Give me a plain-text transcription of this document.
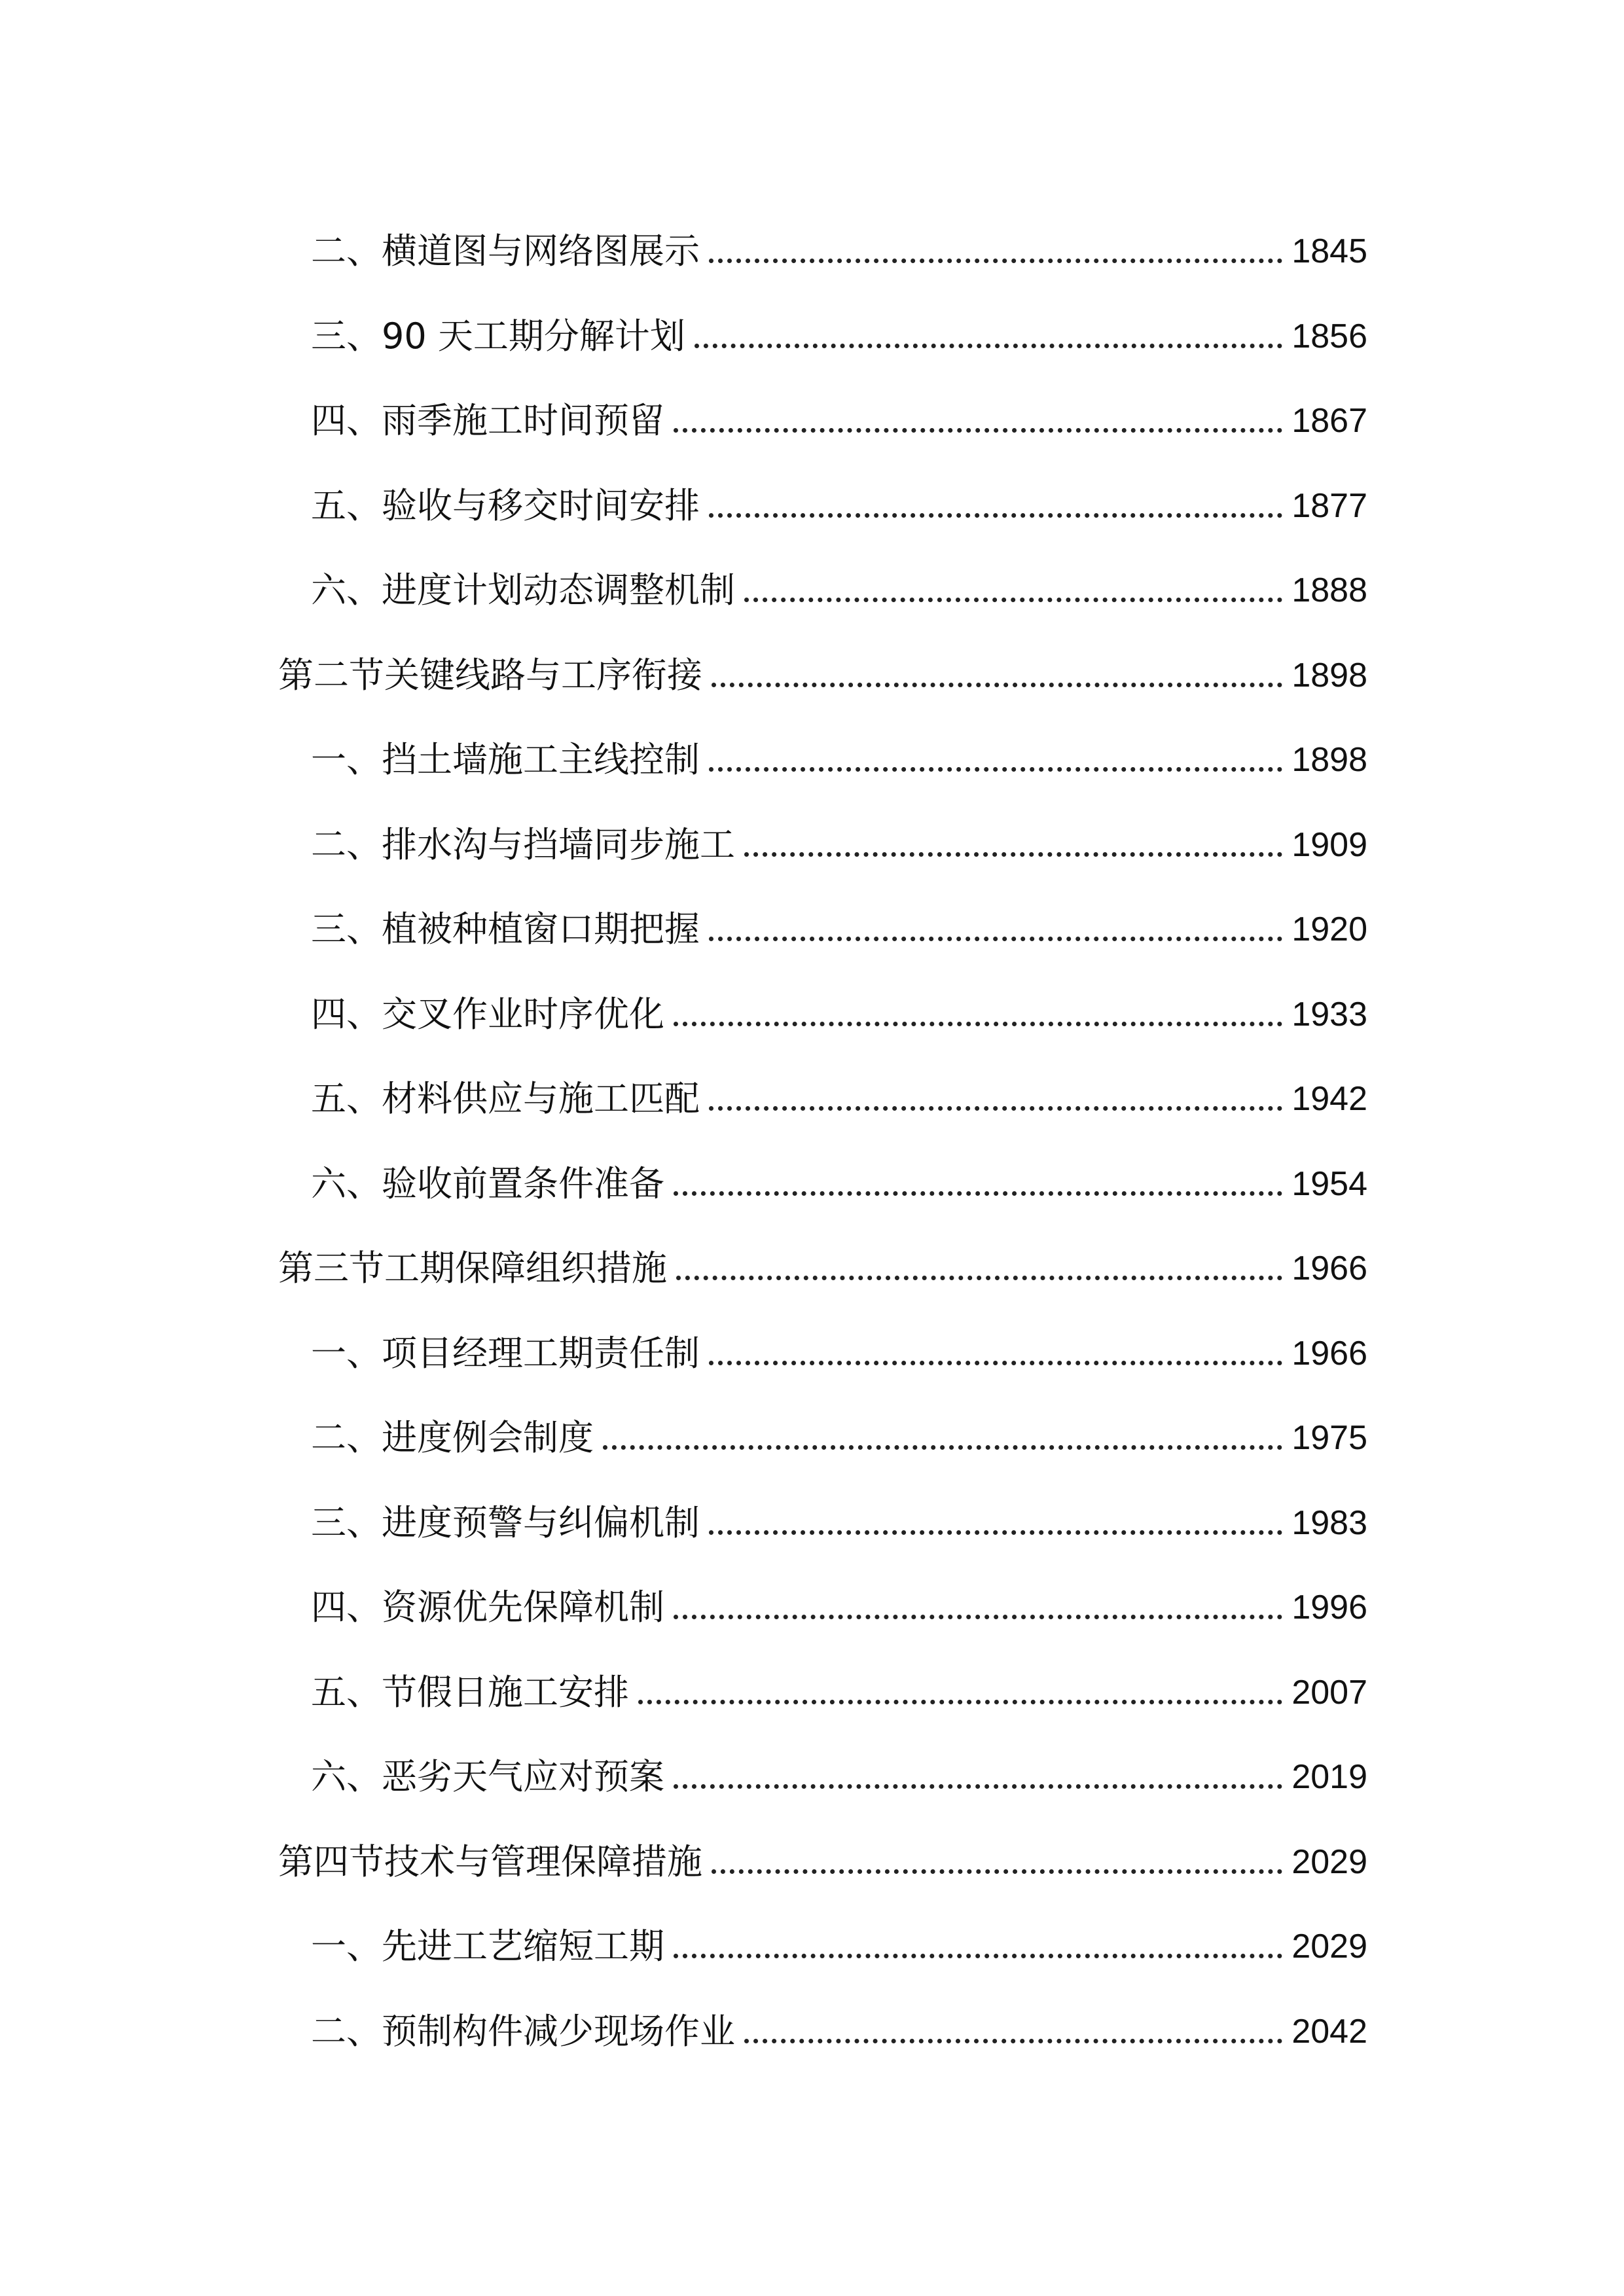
二、横道图与网络图展示	1845
三、90 天工期分解计划	1856
四、雨季施工时间预留	1867
五、验收与移交时间安排	1877
六、进度计划动态调整机制	1888
第二节关键线路与工序衔接	1898
一、挡土墙施工主线控制	1898
二、排水沟与挡墙同步施工	1909
三、植被种植窗口期把握	1920
四、交叉作业时序优化	1933
五、材料供应与施工匹配	1942
六、验收前置条件准备	1954
第三节工期保障组织措施	1966
一、项目经理工期责任制	1966
二、进度例会制度	1975
三、进度预警与纠偏机制	1983
四、资源优先保障机制	1996
五、节假日施工安排	2007
六、恶劣天气应对预案	2019
第四节技术与管理保障措施	2029
一、先进工艺缩短工期	2029
二、预制构件减少现场作业	2042
